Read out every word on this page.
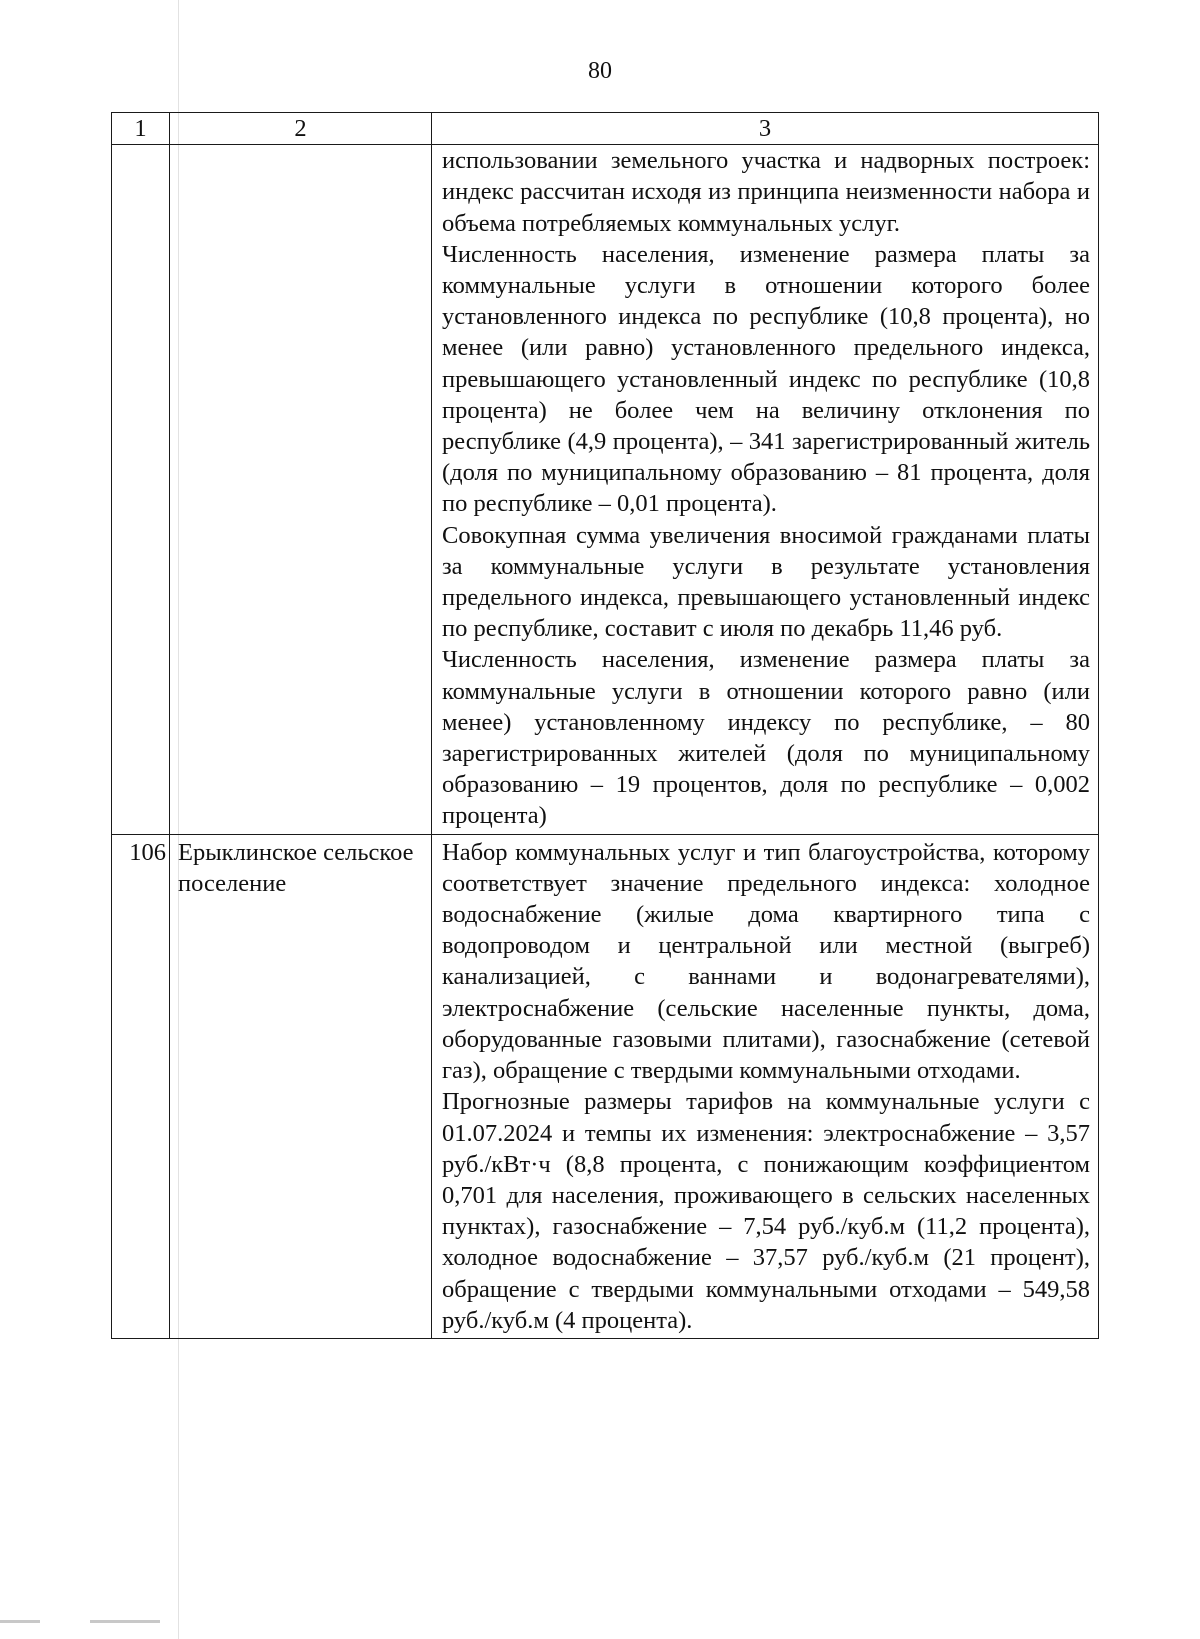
80
1	2	3

		использовании земельного участка и надворных построек: индекс рассчитан исходя из принципа неизменности набора и объема потребляемых коммунальных услуг.

Численность населения, изменение размера платы за коммунальные услуги в отношении которого более установленного индекса по республике (10,8 процента), но менее (или равно) установленного предельного индекса, превышающего установленный индекс по республике (10,8 процента) не более чем на величину отклонения по республике (4,9 процента), – 341 зарегистрированный житель (доля по муниципальному образованию – 81 процента, доля по республике – 0,01 процента).

Совокупная сумма увеличения вносимой гражданами платы за коммунальные услуги в результате установления предельного индекса, превышающего установленный индекс по республике, составит с июля по декабрь 11,46 руб.

Численность населения, изменение размера платы за коммунальные услуги в отношении которого равно (или менее) установленному индексу по республике, – 80 зарегистрированных жителей (доля по муниципальному образованию – 19 процентов, доля по республике – 0,002 процента)

106	Ерыклинское сельское поселение	Набор коммунальных услуг и тип благоустройства, которому соответствует значение предельного индекса: холодное водоснабжение (жилые дома квартирного типа с водопроводом и центральной или местной (выгреб) канализацией, с ваннами и водонагревателями), электроснабжение (сельские населенные пункты, дома, оборудованные газовыми плитами), газоснабжение (сетевой газ), обращение с твердыми коммунальными отходами.

Прогнозные размеры тарифов на коммунальные услуги с 01.07.2024 и темпы их изменения: электроснабжение – 3,57 руб./кВт·ч (8,8 процента, с понижающим коэффициентом 0,701 для населения, проживающего в сельских населенных пунктах), газоснабжение – 7,54 руб./куб.м (11,2 процента), холодное водоснабжение – 37,57 руб./куб.м (21 процент), обращение с твердыми коммунальными отходами – 549,58 руб./куб.м (4 процента).
